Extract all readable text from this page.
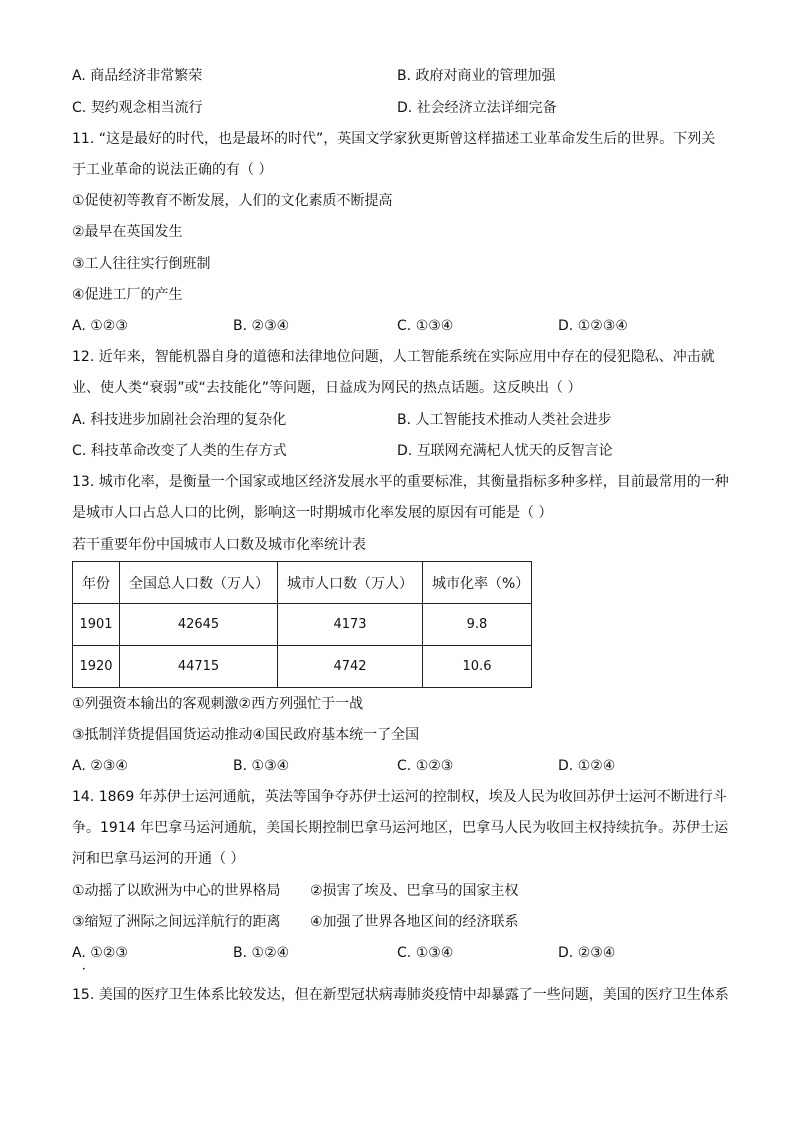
A. 商品经济非常繁荣	B. 政府对商业的管理加强
C. 契约观念相当流行	D. 社会经济立法详细完备
11. “这是最好的时代，也是最坏的时代”，英国文学家狄更斯曾这样描述工业革命发生后的世界。下列关
于工业革命的说法正确的有（ ）
①促使初等教育不断发展，人们的文化素质不断提高
②最早在英国发生
③工人往往实行倒班制
④促进工厂的产生
A. ①②③	B. ②③④	C. ①③④	D. ①②③④
12. 近年来，智能机器自身的道德和法律地位问题，人工智能系统在实际应用中存在的侵犯隐私、冲击就
业、使人类“衰弱”或“去技能化”等问题，日益成为网民的热点话题。这反映出（ ）
A. 科技进步加剧社会治理的复杂化	B. 人工智能技术推动人类社会进步
C. 科技革命改变了人类的生存方式	D. 互联网充满杞人忧天的反智言论
13. 城市化率，是衡量一个国家或地区经济发展水平的重要标准，其衡量指标多种多样，目前最常用的一种
是城市人口占总人口的比例，影响这一时期城市化率发展的原因有可能是（ ）
若干重要年份中国城市人口数及城市化率统计表
年份	全国总人口数（万人）	城市人口数（万人）	城市化率（%）
1901	42645	4173	9.8
1920	44715	4742	10.6
①列强资本输出的客观刺激②西方列强忙于一战
③抵制洋货提倡国货运动推动④国民政府基本统一了全国
A. ②③④	B. ①③④	C. ①②③	D. ①②④
14. 1869 年苏伊士运河通航，英法等国争夺苏伊士运河的控制权，埃及人民为收回苏伊士运河不断进行斗
争。1914 年巴拿马运河通航，美国长期控制巴拿马运河地区，巴拿马人民为收回主权持续抗争。苏伊士运
河和巴拿马运河的开通（ ）
①动摇了以欧洲为中心的世界格局 ②损害了埃及、巴拿马的国家主权
③缩短了洲际之间远洋航行的距离 ④加强了世界各地区间的经济联系
A. ①②③	B. ①②④	C. ①③④	D. ②③④
•
15. 美国的医疗卫生体系比较发达，但在新型冠状病毒肺炎疫情中却暴露了一些问题，美国的医疗卫生体系
